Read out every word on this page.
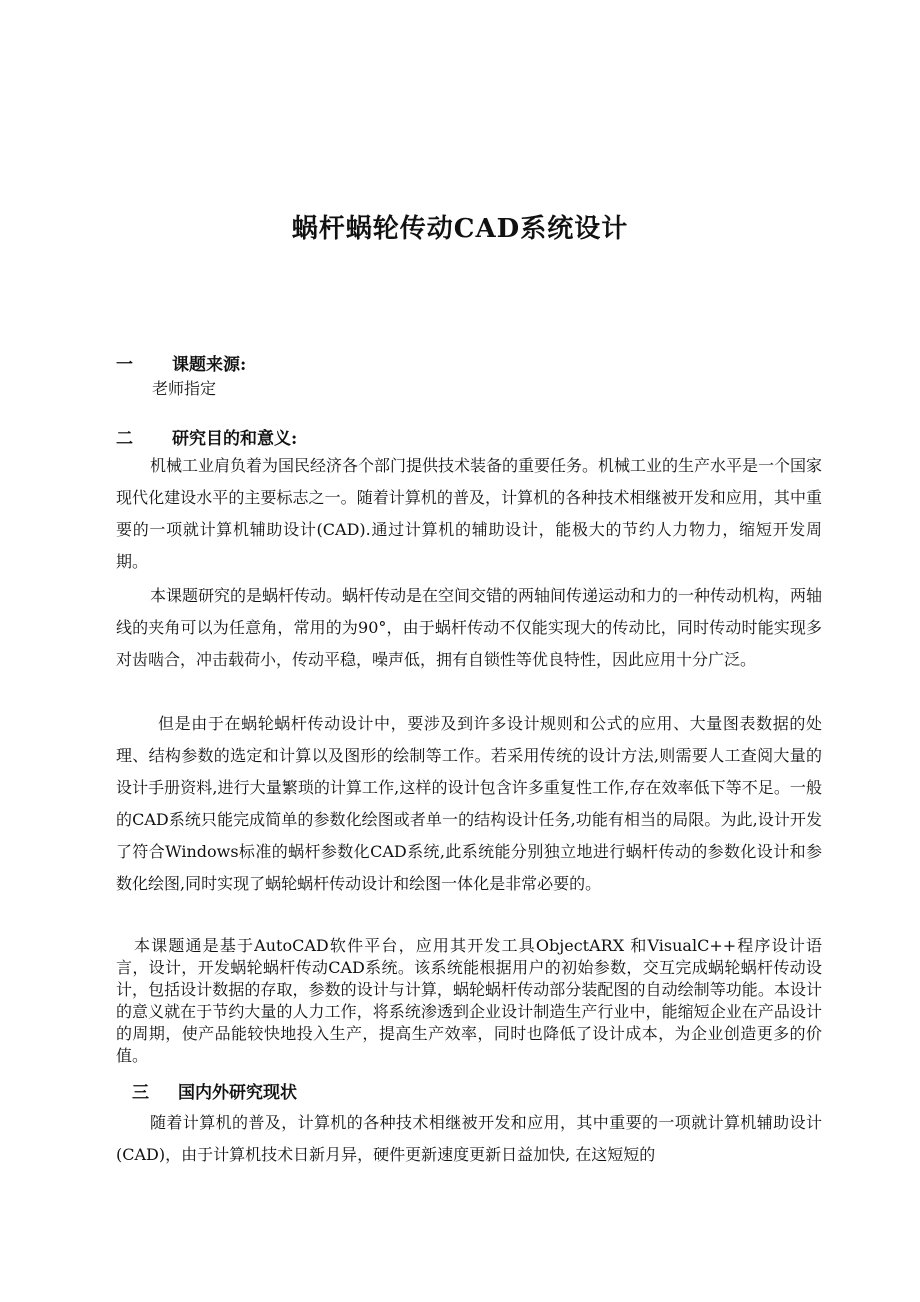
蜗杆蜗轮传动CAD系统设计
一 课题来源:
老师指定
二 研究目的和意义:

机械工业肩负着为国民经济各个部门提供技术装备的重要任务。机械工业的生产水平是一个国家现代化建设水平的主要标志之一。随着计算机的普及，计算机的各种技术相继被开发和应用，其中重要的一项就计算机辅助设计(CAD).通过计算机的辅助设计，能极大的节约人力物力，缩短开发周期。

本课题研究的是蜗杆传动。蜗杆传动是在空间交错的两轴间传递运动和力的一种传动机构，两轴线的夹角可以为任意角，常用的为90°，由于蜗杆传动不仅能实现大的传动比，同时传动时能实现多对齿啮合，冲击载荷小，传动平稳，噪声低，拥有自锁性等优良特性，因此应用十分广泛。

但是由于在蜗轮蜗杆传动设计中，要涉及到许多设计规则和公式的应用、大量图表数据的处理、结构参数的选定和计算以及图形的绘制等工作。若采用传统的设计方法,则需要人工查阅大量的设计手册资料,进行大量繁琐的计算工作,这样的设计包含许多重复性工作,存在效率低下等不足。一般的CAD系统只能完成简单的参数化绘图或者单一的结构设计任务,功能有相当的局限。为此,设计开发了符合Windows标准的蜗杆参数化CAD系统,此系统能分别独立地进行蜗杆传动的参数化设计和参数化绘图,同时实现了蜗轮蜗杆传动设计和绘图一体化是非常必要的。

本课题通是基于AutoCAD软件平台，应用其开发工具ObjectARX 和VisualC++程序设计语言，设计，开发蜗轮蜗杆传动CAD系统。该系统能根据用户的初始参数，交互完成蜗轮蜗杆传动设计，包括设计数据的存取，参数的设计与计算，蜗轮蜗杆传动部分装配图的自动绘制等功能。本设计的意义就在于节约大量的人力工作，将系统渗透到企业设计制造生产行业中，能缩短企业在产品设计的周期，使产品能较快地投入生产，提高生产效率，同时也降低了设计成本，为企业创造更多的价值。

三 国内外研究现状

随着计算机的普及，计算机的各种技术相继被开发和应用，其中重要的一项就计算机辅助设计(CAD)，由于计算机技术日新月异，硬件更新速度更新日益加快, 在这短短的
